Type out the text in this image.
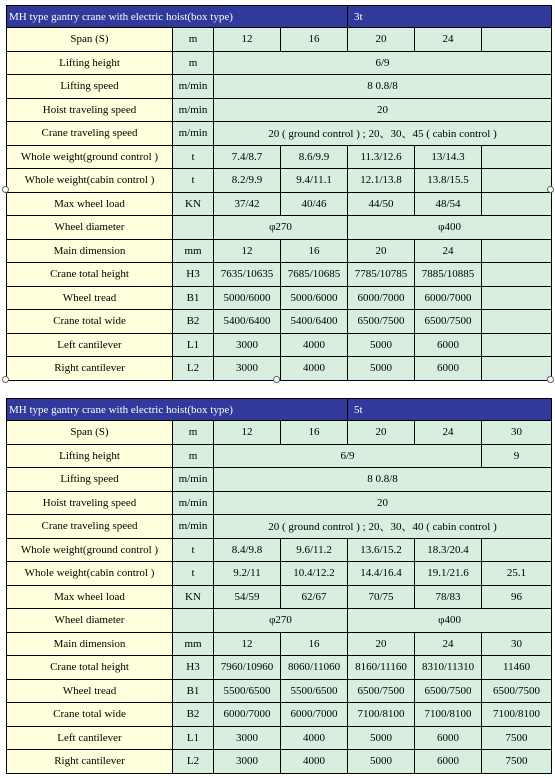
MH type gantry crane with electric hoist(box type)				3t		
Span (S)	m	12	16	20	24	
Lifting height	m	6/9				
Lifting speed	m/min	8 0.8/8				
Hoist traveling speed	m/min	20				
Crane traveling speed	m/min	20 ( ground control ) ; 20、30、45 ( cabin control )				
Whole weight(ground control )	t	7.4/8.7	8.6/9.9	11.3/12.6	13/14.3	
Whole weight(cabin control )	t	8.2/9.9	9.4/11.1	12.1/13.8	13.8/15.5	
Max wheel load	KN	37/42	40/46	44/50	48/54	
Wheel diameter		φ270		φ400		
Main dimension	mm	12	16	20	24	
Crane total height	H3	7635/10635	7685/10685	7785/10785	7885/10885	
Wheel tread	B1	5000/6000	5000/6000	6000/7000	6000/7000	
Crane total wide	B2	5400/6400	5400/6400	6500/7500	6500/7500	
Left cantilever	L1	3000	4000	5000	6000	
Right cantilever	L2	3000	4000	5000	6000	
MH type gantry crane with electric hoist(box type)				5t		
Span (S)	m	12	16	20	24	30
Lifting height	m	6/9				9
Lifting speed	m/min	8 0.8/8				
Hoist traveling speed	m/min	20				
Crane traveling speed	m/min	20 ( ground control ) ; 20、30、40 ( cabin control )				
Whole weight(ground control )	t	8.4/9.8	9.6/11.2	13.6/15.2	18.3/20.4	
Whole weight(cabin control )	t	9.2/11	10.4/12.2	14.4/16.4	19.1/21.6	25.1
Max wheel load	KN	54/59	62/67	70/75	78/83	96
Wheel diameter		φ270		φ400		
Main dimension	mm	12	16	20	24	30
Crane total height	H3	7960/10960	8060/11060	8160/11160	8310/11310	11460
Wheel tread	B1	5500/6500	5500/6500	6500/7500	6500/7500	6500/7500
Crane total wide	B2	6000/7000	6000/7000	7100/8100	7100/8100	7100/8100
Left cantilever	L1	3000	4000	5000	6000	7500
Right cantilever	L2	3000	4000	5000	6000	7500
